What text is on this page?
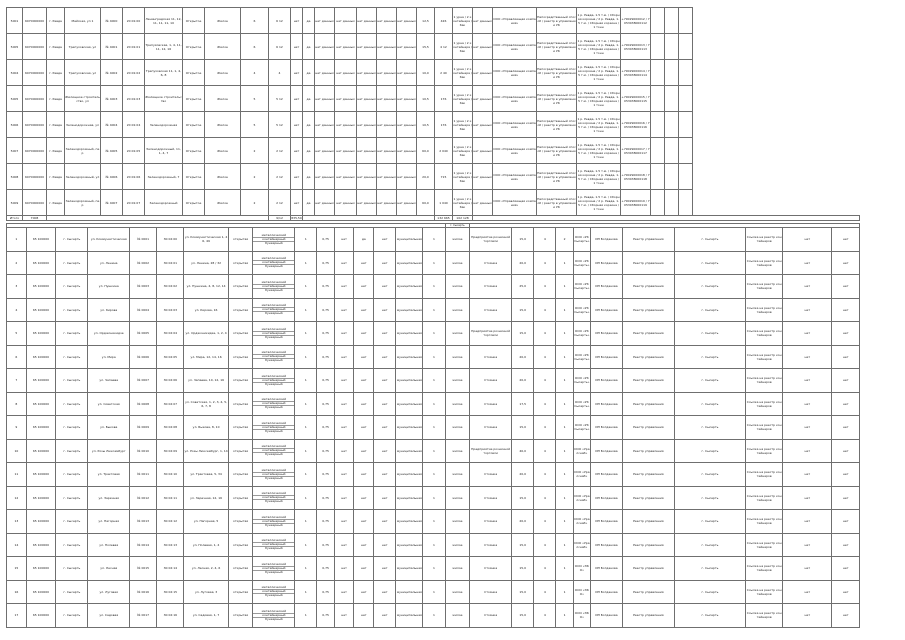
5001	6070000000	г. Ревда	Майская, ул 1	№ 4000	20:01:00	Ленинградская 11, 12, 11, 11, 11, 10	Открытое	Жилое	6	6 12	нет	да	нет данных	нет данных	нет данных	нет данных	нет данных	12,5	426	1 урна / 2 контейнера / бак	нет данных	ООО «Управляющая компания»	Непосредственный способ / реестр в управлении УК	1 р. Ревда, 1.5 т.м. / Сборная корзина / 2 р. Ревда, 1.5 т.м. / Сборная корзина / 1 тонн	+79029000012 / 7053038000112			
5005	6070000000	г. Ревда	Трепуховская, ул	№ 4001	20:01:01	Трепуховская, 1, 4, 11, 11, 12, 16	Открытое	Жилое	6	6 12	нет	да	нет данных	нет данных	нет данных	нет данных	нет данных	15,5	4 12	1 урна / 2 контейнера / бак	нет данных	ООО «Управляющая компания»	Непосредственный способ / реестр в управлении УК	1 р. Ревда, 1.5 т.м. / Сборная корзина / 2 р. Ревда, 1.5 т.м. / Сборная корзина / 1 тонн	+79029000013 / 7053038000113			
5004	6070000000	г. Ревда	Трепуховская, ул	№ 4002	20:01:02	Трепуховская 11, 1, 4, 6, 8	Открытое	Жилое	4	4	нет	да	нет данных	нет данных	нет данных	нет данных	нет данных	10,0	2 40	1 урна / 2 контейнера / бак	нет данных	ООО «Управляющая компания»	Непосредственный способ / реестр в управлении УК	1 р. Ревда, 1.5 т.м. / Сборная корзина / 2 р. Ревда, 1.5 т.м. / Сборная корзина / 1 тонн	+79029000014 / 7053038000114			
5005	6070000000	г. Ревда	Жилищное строительство, ул	№ 4003	20:01:03	Жилищное строительство	Открытое	Жилое	5	5 12	нет	да	нет данных	нет данных	нет данных	нет данных	нет данных	10,5	176	1 урна / 2 контейнера / бак	нет данных	ООО «Управляющая компания»	Непосредственный способ / реестр в управлении УК	1 р. Ревда, 1.5 т.м. / Сборная корзина / 2 р. Ревда, 1.5 т.м. / Сборная корзина / 1 тонн	+79029000015 / 7053038000115			
5006	6070000000	г. Ревда	Зеленодорожная, ул	№ 4004	20:01:04	Зеленодорожная	Открытое	Жилое	5	5 12	нет	да	нет данных	нет данных	нет данных	нет данных	нет данных	10,5	176	1 урна / 2 контейнера / бак	нет данных	ООО «Управляющая компания»	Непосредственный способ / реестр в управлении УК	1 р. Ревда, 1.5 т.м. / Сборная корзина / 2 р. Ревда, 1.5 т.м. / Сборная корзина / 1 тонн	+79029000016 / 7053038000116			
5007	6070000000	г. Ревда	Зеленодорожный, пер	№ 4005	20:01:05	Зеленодорожный, 11, 1, 4, 7	Открытое	Жилое	2	2 12	нет	да	нет данных	нет данных	нет данных	нет данных	нет данных	60,0	2 040	1 урна / 2 контейнера / бак	нет данных	ООО «Управляющая компания»	Непосредственный способ / реестр в управлении УК	1 р. Ревда, 1.5 т.м. / Сборная корзина / 2 р. Ревда, 1.5 т.м. / Сборная корзина / 1 тонн	+79029000017 / 7053038000117			
5008	6070000000	г. Ревда	Зеленодорожный, ул	№ 4006	20:01:06	Зеленодорожный, 7	Открытое	Жилое	2	2 12	нет	да	нет данных	нет данных	нет данных	нет данных	нет данных	20,0	715	1 урна / 2 контейнера / бак	нет данных	ООО «Управляющая компания»	Непосредственный способ / реестр в управлении УК	1 р. Ревда, 1.5 т.м. / Сборная корзина / 2 р. Ревда, 1.5 т.м. / Сборная корзина / 1 тонн	+79029000018 / 7053038000118			
5009	6070000000	г. Ревда	Зеленодорожный, пер	№ 4007	20:01:07	Зеленодорожный	Открытое	Жилое	2	2 12	нет	да	нет данных	нет данных	нет данных	нет данных	нет данных	60,0	1 040	1 урна / 2 контейнера / бак	нет данных	ООО «Управляющая компания»	Непосредственный способ / реестр в управлении УК	1 р. Ревда, 1.5 т.м. / Сборная корзина / 2 р. Ревда, 1.5 т.м. / Сборная корзина / 1 тонн	+79029000019 / 7053038000119			
Итого	7008									9/12	835,50								132 665	102 128								
																г. Сысерть											
1	65 100000	г. Сысерть	ул. Коммунистическая	№ 0001	30:02:00	ул. Коммунистическая 1, 46, 49	открытая	металлический
контейнерный
бункерный	1	0,75	нет	да	нет	муниципальная	1	жилое	Предприятие розничной торговли	15,0	4	2	ООО «УК Сысерть»	ИП Богданова	Реестр управления	г. Сысерть	Ссылка на реестр контейнеров	нет	нет
2	65 100000	г. Сысерть	ул. Ленина	№ 0002	30:02:01	ул. Ленина, 28 / 32	открытая	металлический
контейнерный
бункерный	1	0,75	нет	нет	нет	муниципальная	1	жилое	Стоянка	20,0	4	1	ООО «УК Сысерть»	ИП Богданова	Реестр управления	г. Сысерть	Ссылка на реестр контейнеров	нет	нет
3	65 100000	г. Сысерть	ул. Пушкина	№ 0003	30:02:02	ул. Пушкина, 4, 8, 12, 14	открытая	металлический
контейнерный
бункерный	1	0,75	нет	нет	нет	муниципальная	1	жилое	Стоянка	25,0	4	1	ООО «УК Сысерть»	ИП Богданова	Реестр управления	г. Сысерть	Ссылка на реестр контейнеров	нет	нет
4	65 100000	г. Сысерть	ул. Кирова	№ 0004	30:02:03	ул. Кирова, 16	открытая	металлический
контейнерный
бункерный	1	0,75	нет	нет	нет	муниципальная	1	жилое	Стоянка	15,0	4	1	ООО «УК Сысерть»	ИП Богданова	Реестр управления	г. Сысерть	Ссылка на реестр контейнеров	нет	нет
5	65 100000	г. Сысерть	ул. Орджоникидзе	№ 0005	30:02:04	ул. Орджоникидзе, 1, 2, 4	открытая	металлический
контейнерный
бункерный	1	0,75	нет	нет	нет	муниципальная	1	жилое	Предприятие розничной торговли	15,0	4	1	ООО «УК Сысерть»	ИП Богданова	Реестр управления	г. Сысерть	Ссылка на реестр контейнеров	нет	нет
6	65 100000	г. Сысерть	ул. Мира	№ 0006	30:02:05	ул. Мира, 12, 14, 16	открытая	металлический
контейнерный
бункерный	1	0,75	нет	нет	нет	муниципальная	1	жилое	Стоянка	20,0	4	1	ООО «УК Сысерть»	ИП Богданова	Реестр управления	г. Сысерть	Ссылка на реестр контейнеров	нет	нет
7	65 100000	г. Сысерть	ул. Чапаева	№ 0007	30:02:06	ул. Чапаева, 10, 12, 16	открытая	металлический
контейнерный
бункерный	1	0,75	нет	нет	нет	муниципальная	1	жилое	Стоянка	20,0	4	1	ООО «УК Сысерть»	ИП Богданова	Реестр управления	г. Сысерть	Ссылка на реестр контейнеров	нет	нет
8	65 100000	г. Сысерть	ул. Советская	№ 0008	30:02:07	ул. Советская, 1, 2, 3, 4, 5, 6, 7, 8	открытая	металлический
контейнерный
бункерный	1	0,75	нет	нет	нет	муниципальная	1	жилое	Стоянка	17,5	4	1	ООО «УК Сысерть»	ИП Богданова	Реестр управления	г. Сысерть	Ссылка на реестр контейнеров	нет	нет
9	65 100000	г. Сысерть	ул. Быкова	№ 0009	30:02:08	ул. Быкова, 8, 10	открытая	металлический
контейнерный
бункерный	1	0,75	нет	нет	нет	муниципальная	1	жилое	Стоянка	15,0	4	1	ООО «УК Сысерть»	ИП Богданова	Реестр управления	г. Сысерть	Ссылка на реестр контейнеров	нет	нет
10	65 100000	г. Сысерть	ул. Розы Люксембург	№ 0010	30:02:09	ул. Розы Люксембург, 1, 14	открытая	металлический
контейнерный
бункерный	1	0,75	нет	нет	нет	муниципальная	1	жилое	Предприятие розничной торговли	40,0	4	1	ООО «Уралснаб»	ИП Богданова	Реестр управления	г. Сысерть	Ссылка на реестр контейнеров	нет	нет
11	65 100000	г. Сысерть	ул. Трактовая	№ 0011	30:02:10	ул. Трактовая, 5, 34	открытая	металлический
контейнерный
бункерный	1	0,75	нет	нет	нет	муниципальная	1	жилое	Стоянка	20,0	4	1	ООО «Уралснаб»	ИП Богданова	Реестр управления	г. Сысерть	Ссылка на реестр контейнеров	нет	нет
12	65 100000	г. Сысерть	ул. Заречная	№ 0012	30:02:11	ул. Заречная, 12, 16	открытая	металлический
контейнерный
бункерный	1	0,75	нет	нет	нет	муниципальная	1	жилое	Стоянка	15,0	4	1	ООО «Уралснаб»	ИП Богданова	Реестр управления	г. Сысерть	Ссылка на реестр контейнеров	нет	нет
13	65 100000	г. Сысерть	ул. Нагорная	№ 0013	30:02:12	ул. Нагорная, 5	открытая	металлический
контейнерный
бункерный	1	0,75	нет	нет	нет	муниципальная	1	жилое	Стоянка	20,0	4	1	ООО «Уралснаб»	ИП Богданова	Реестр управления	г. Сысерть	Ссылка на реестр контейнеров	нет	нет
14	65 100000	г. Сысерть	ул. Полевая	№ 0014	30:02:13	ул. Полевая, 1, 4	открытая	металлический
контейнерный
бункерный	1	0,75	нет	нет	нет	муниципальная	1	жилое	Стоянка	15,0	4	1	ООО «Уралснаб»	ИП Богданова	Реестр управления	г. Сысерть	Ссылка на реестр контейнеров	нет	нет
15	65 100000	г. Сысерть	ул. Лесная	№ 0015	30:02:14	ул. Лесная, 2, 4, 6	открытая	металлический
контейнерный
бункерный	1	0,75	нет	нет	нет	муниципальная	1	жилое	Стоянка	15,0	4	1	ООО «ЭКО»	ИП Богданова	Реестр управления	г. Сысерть	Ссылка на реестр контейнеров	нет	нет
16	65 100000	г. Сысерть	ул. Луговая	№ 0016	30:02:15	ул. Луговая, 3	открытая	металлический
контейнерный
бункерный	1	0,75	нет	нет	нет	муниципальная	1	жилое	Стоянка	15,0	4	1	ООО «ЭКО»	ИП Богданова	Реестр управления	г. Сысерть	Ссылка на реестр контейнеров	нет	нет
17	65 100000	г. Сысерть	ул. Садовая	№ 0017	30:02:16	ул. Садовая, 1, 7	открытая	металлический
контейнерный
бункерный	1	0,75	нет	нет	нет	муниципальная	1	жилое	Стоянка	15,0	4	1	ООО «ЭКО»	ИП Богданова	Реестр управления	г. Сысерть	Ссылка на реестр контейнеров	нет	нет
